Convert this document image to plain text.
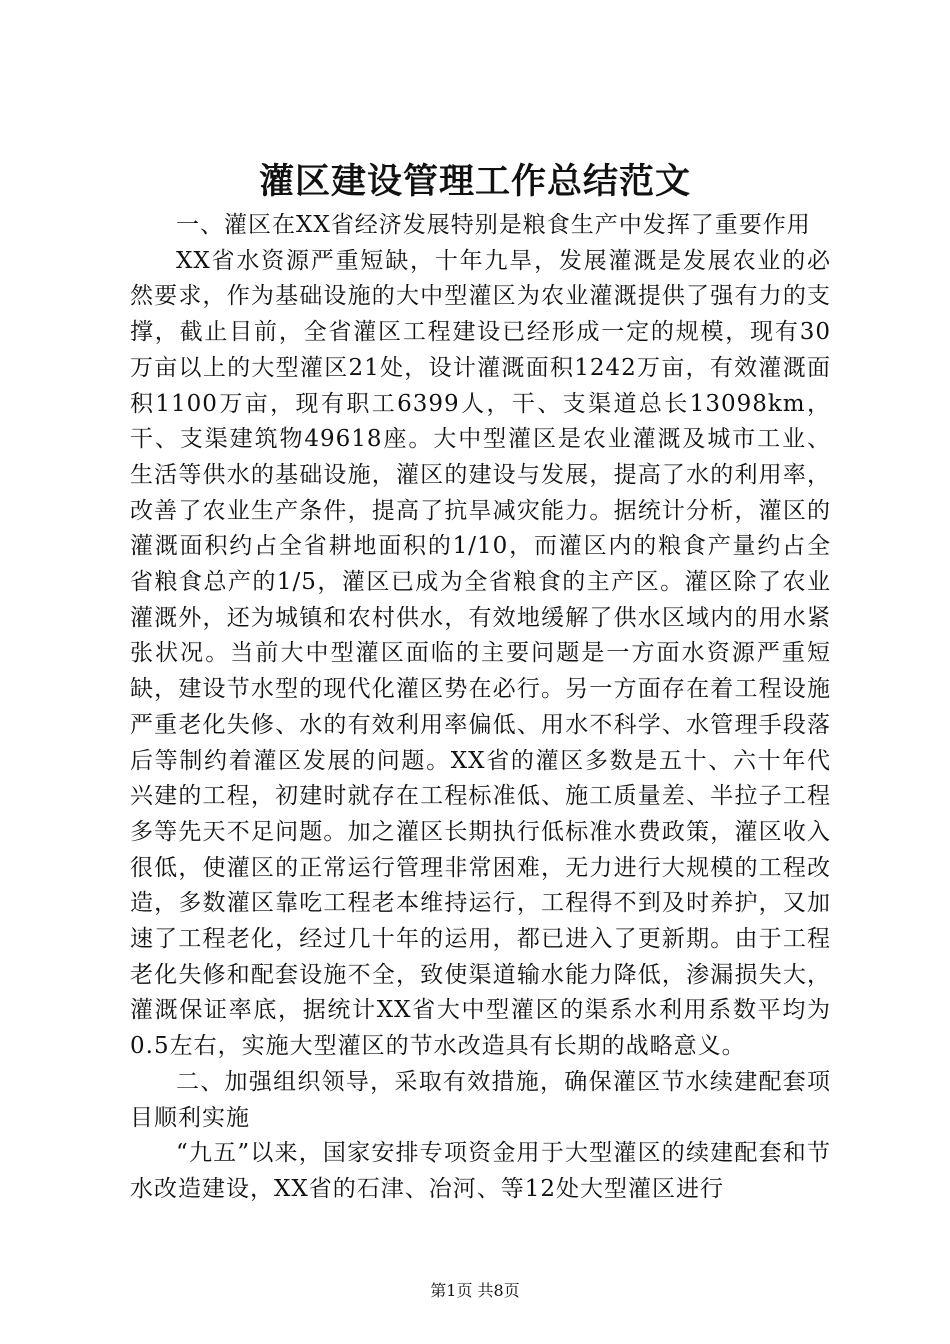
灌区建设管理工作总结范文

一、灌区在XX省经济发展特别是粮食生产中发挥了重要作用

XX省水资源严重短缺，十年九旱，发展灌溉是发展农业的必然要求，作为基础设施的大中型灌区为农业灌溉提供了强有力的支撑，截止目前，全省灌区工程建设已经形成一定的规模，现有30万亩以上的大型灌区21处，设计灌溉面积1242万亩，有效灌溉面积1100万亩，现有职工6399人，干、支渠道总长13098km，干、支渠建筑物49618座。大中型灌区是农业灌溉及城市工业、生活等供水的基础设施，灌区的建设与发展，提高了水的利用率，改善了农业生产条件，提高了抗旱减灾能力。据统计分析，灌区的灌溉面积约占全省耕地面积的1/10，而灌区内的粮食产量约占全省粮食总产的1/5，灌区已成为全省粮食的主产区。灌区除了农业灌溉外，还为城镇和农村供水，有效地缓解了供水区域内的用水紧张状况。当前大中型灌区面临的主要问题是一方面水资源严重短缺，建设节水型的现代化灌区势在必行。另一方面存在着工程设施严重老化失修、水的有效利用率偏低、用水不科学、水管理手段落后等制约着灌区发展的问题。XX省的灌区多数是五十、六十年代兴建的工程，初建时就存在工程标准低、施工质量差、半拉子工程多等先天不足问题。加之灌区长期执行低标准水费政策，灌区收入很低，使灌区的正常运行管理非常困难，无力进行大规模的工程改造，多数灌区靠吃工程老本维持运行，工程得不到及时养护，又加速了工程老化，经过几十年的运用，都已进入了更新期。由于工程老化失修和配套设施不全，致使渠道输水能力降低，渗漏损失大，灌溉保证率底，据统计XX省大中型灌区的渠系水利用系数平均为0.5左右，实施大型灌区的节水改造具有长期的战略意义。

二、加强组织领导，采取有效措施，确保灌区节水续建配套项目顺利实施

“九五”以来，国家安排专项资金用于大型灌区的续建配套和节水改造建设，XX省的石津、冶河、等12处大型灌区进行

第1页 共8页
